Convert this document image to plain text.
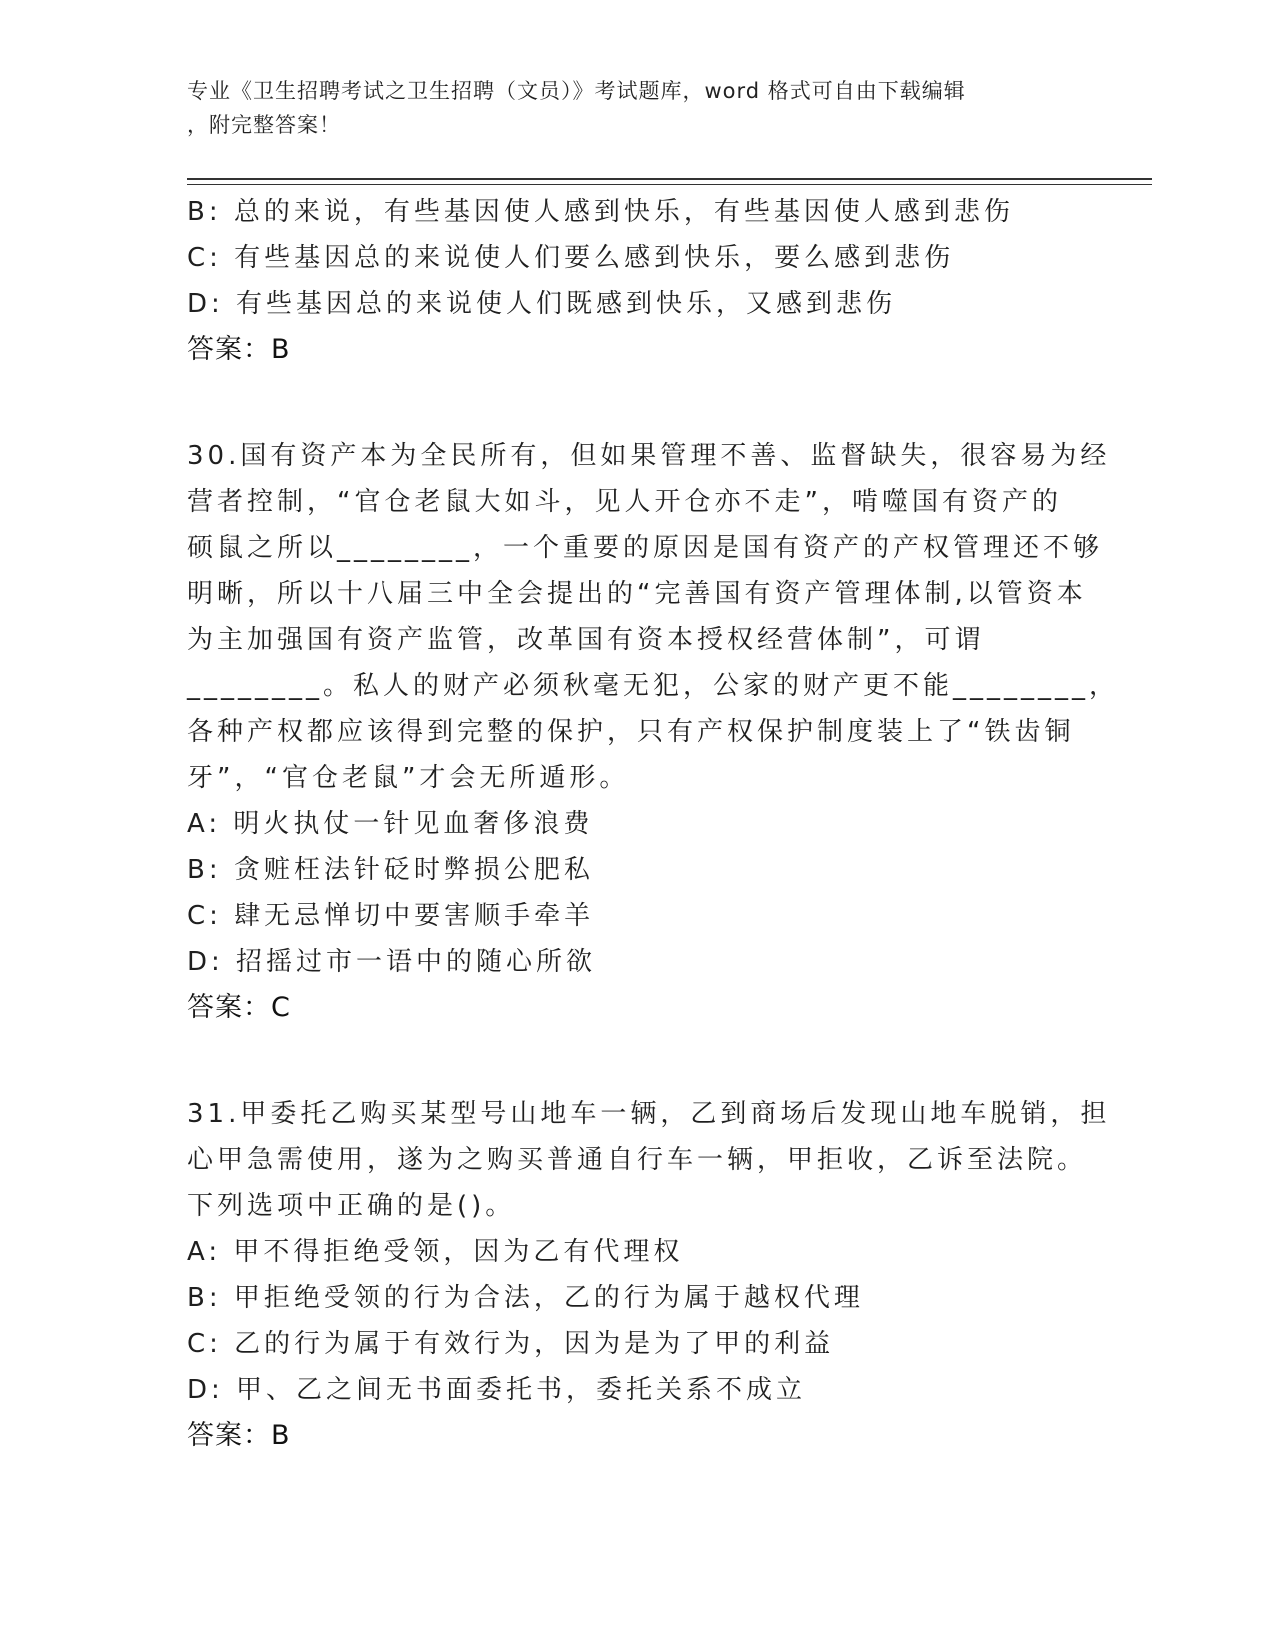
专业《卫生招聘考试之卫生招聘（文员）》考试题库，word 格式可自由下载编辑
，附完整答案！
B: 总的来说，有些基因使人感到快乐，有些基因使人感到悲伤
C: 有些基因总的来说使人们要么感到快乐，要么感到悲伤
D: 有些基因总的来说使人们既感到快乐，又感到悲伤
答案：B
30.国有资产本为全民所有，但如果管理不善、监督缺失，很容易为经
营者控制，“官仓老鼠大如斗，见人开仓亦不走”，啃噬国有资产的
硕鼠之所以________，一个重要的原因是国有资产的产权管理还不够
明晰，所以十八届三中全会提出的“完善国有资产管理体制,以管资本
为主加强国有资产监管，改革国有资本授权经营体制”，可谓
________。私人的财产必须秋毫无犯，公家的财产更不能________，
各种产权都应该得到完整的保护，只有产权保护制度装上了“铁齿铜
牙”，“官仓老鼠”才会无所遁形。
A: 明火执仗一针见血奢侈浪费
B: 贪赃枉法针砭时弊损公肥私
C: 肆无忌惮切中要害顺手牵羊
D: 招摇过市一语中的随心所欲
答案：C
31.甲委托乙购买某型号山地车一辆，乙到商场后发现山地车脱销，担
心甲急需使用，遂为之购买普通自行车一辆，甲拒收，乙诉至法院。
下列选项中正确的是()。
A: 甲不得拒绝受领，因为乙有代理权
B: 甲拒绝受领的行为合法，乙的行为属于越权代理
C: 乙的行为属于有效行为，因为是为了甲的利益
D: 甲、乙之间无书面委托书，委托关系不成立
答案：B
